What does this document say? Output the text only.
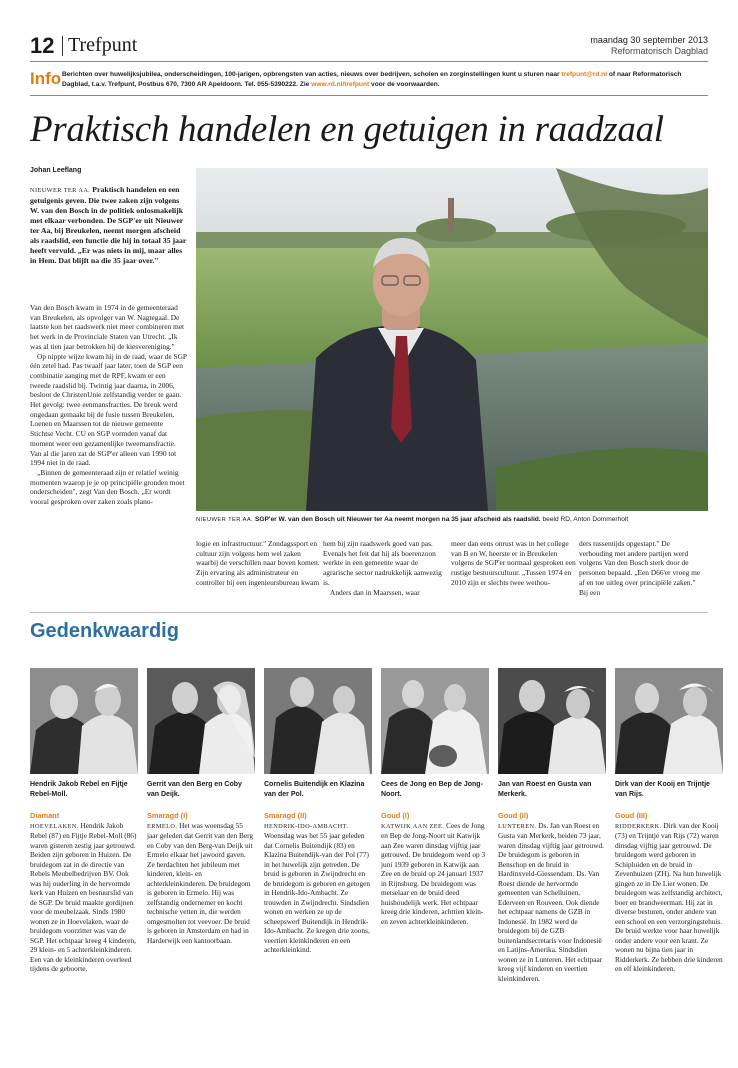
12 Trefpunt	maandag 30 september 2013
Reformatorisch Dagblad
Info Berichten over huwelijksjubilea, onderscheidingen, 100-jarigen, opbrengsten van acties, nieuws over bedrijven, scholen en zorginstellingen kunt u sturen naar trefpunt@rd.nl of naar Reformatorisch Dagblad, t.a.v. Trefpunt, Postbus 670, 7300 AR Apeldoorn. Tel. 055-5390222. Zie www.rd.nl/trefpunt voor de voorwaarden.
Praktisch handelen en getuigen in raadzaal
Johan Leeflang
NIEUWER TER AA. Praktisch handelen en een getuigenis geven. Die twee zaken zijn volgens W. van den Bosch in de politiek onlosmakelijk met elkaar verbonden. De SGP'er uit Nieuwer ter Aa, bij Breukelen, neemt morgen afscheid als raadslid, een functie die hij in totaal 35 jaar heeft vervuld. „Er was niets in mij, maar alles in Hem. Dat blijft na die 35 jaar over."

Van den Bosch kwam in 1974 in de gemeenteraad van Breukelen, als opvolger van W. Nagtegaal. De laatste kon het raadswerk niet meer combineren met het werk in de Provinciale Staten van Utrecht. „Ik was al tien jaar betrokken bij de kiesvereniging."

Op nippte wijze kwam hij in de raad, waar de SGP één zetel had. Pas twaalf jaar later, toen de SGP een combinatie aanging met de RPF, kwam er een tweede raadslid bij. Twintig jaar daarna, in 2006, besloot de ChristenUnie zelfstandig verder te gaan. Het gevolg: twee eenmansfracties. De breuk werd ongedaan gemaakt bij de fusie tussen Breukelen, Loenen en Maarssen tot de nieuwe gemeente Stichtse Vecht. CU en SGP vormden vanaf dat moment weer een gezamenlijke tweemansfractie. Van al die jaren zat de SGP'er alleen van 1990 tot 1994 niet in de raad.

„Binnen de gemeenteraad zijn er relatief weinig momenten waarop je je op principiële gronden moet onderscheiden", zegt Van den Bosch. „Er wordt vooral gesproken over zaken zoals plano-

NIEUWER TER AA. SGP'er W. van den Bosch uit Nieuwer ter Aa neemt morgen na 35 jaar afscheid als raadslid. beeld RD, Anton Dommerholt

logie en infrastructuur." Zondagssport en cultuur zijn volgens hem wel zaken waarbij de verschillen naar boven komen. Zijn ervaring als administrateur en controller bij een ingenieursbureau kwam

hem bij zijn raadswerk goed van pas. Evenals het feit dat hij als boerenzoon werkte in een gemeente waar de agrarische sector nadrukkelijk aanwezig is.

Anders dan in Maarssen, waar

meer dan eens onrust was in het college van B en W, heerste er in Breukelen volgens de SGP'er normaal gesproken een rustige bestuurscultuur. „Tussen 1974 en 2010 zijn er slechts twee wethou-

ders tussentijds opgestapt." De verhouding met andere partijen werd volgens Van den Bosch sterk door de personen bepaald. „Een D66'er vroeg me af en toe uitleg over principiële zaken." Bij een

Gedenkwaardig
Hendrik Jakob Rebel en Fijtje Rebel-Moll.
Diamant
HOEVELAKEN. Hendrik Jakob Rebel (87) en Fijtje Rebel-Moll (86) waren gisteren zestig jaar getrouwd. Beiden zijn geboren in Huizen. De bruidegom zat in de directie van Rebels Meubelbedrijven BV. Ook was hij ouderling in de hervormde kerk van Huizen en bestuurslid van de SGP. De bruid maakte gordijnen voor de meubelzaak. Sinds 1980 wonen ze in Hoevelaken, waar de bruidegom voorzitter was van de SGP. Het echtpaar kreeg 4 kinderen, 29 klein- en 5 achterkleinkinderen. Een van de kleinkinderen overleed tijdens de geboorte.
Gerrit van den Berg en Coby van Deijk.
Smaragd (I)
ERMELO. Het was woensdag 55 jaar geleden dat Gerrit van den Berg en Coby van den Berg-van Deijk uit Ermelo elkaar het jawoord gaven. Ze herdachten het jubileum met kinderen, klein- en achterkleinkinderen. De bruidegom is geboren in Ermelo. Hij was zelfstandig ondernemer en kocht technische vetten in, die werden omgesmolten tot veevoer. De bruid is geboren in Amsterdam en had in Harderwijk een kantoorbaan.
Cornelis Buitendijk en Klazina van der Pol.
Smaragd (II)
HENDRIK-IDO-AMBACHT. Woensdag was het 55 jaar geleden dat Cornelis Buitendijk (83) en Klazina Buitendijk-van der Pol (77) in het huwelijk zijn getreden. De bruid is geboren in Zwijndrecht en de bruidegom is geboren en getogen in Hendrik-Ido-Ambacht. Ze trouwden in Zwijndrecht. Sindsdien wonen en werken ze op de scheepswerf Buitendijk in Hendrik-Ido-Ambacht. Ze kregen drie zoons, veertien kleinkinderen en een achterkleinkind.
Cees de Jong en Bep de Jong-Noort.
Goud (I)
KATWIJK AAN ZEE. Cees de Jong en Bep de Jong-Noort uit Katwijk aan Zee waren dinsdag vijftig jaar getrouwd. De bruidegom werd op 3 juni 1939 geboren in Katwijk aan Zee en de bruid op 24 januari 1937 in Rijnsburg. De bruidegom was metselaar en de bruid deed huishoudelijk werk. Het echtpaar kreeg drie kinderen, achttien klein- en zeven achterkleinkinderen.
Jan van Roest en Gusta van Merkerk.
Goud (II)
LUNTEREN. Ds. Jan van Roest en Gusta van Merkerk, beiden 73 jaar, waren dinsdag vijftig jaar getrouwd. De bruidegom is geboren in Benschop en de bruid in Hardinxveld-Giessendam. Ds. Van Roest diende de hervormde gemeenten van Schelluinen, Ederveen en Rouveen. Ook diende het echtpaar namens de GZB in Indonesië. In 1982 werd de bruidegom bij de GZB buitenlandsecretaris voor Indonesië en Latijns-Amerika. Sindsdien wonen ze in Lunteren. Het echtpaar kreeg vijf kinderen en veertien kleinkinderen.
Dirk van der Kooij en Trijntje van Rijs.
Goud (III)
RIDDERKERK. Dirk van der Kooij (73) en Trijntje van Rijs (72) waren dinsdag vijftig jaar getrouwd. De bruidegom werd geboren in Schipluiden en de bruid in Zevenhuizen (ZH). Na hun huwelijk gingen ze in De Lier wonen. De bruidegom was zelfstandig architect, boer en brandweerman. Hij zat in diverse besturen, onder andere van een school en een verzorgingstehuis. De bruid werkte voor haar huwelijk onder andere voor een krant. Ze wonen nu bijna tien jaar in Ridderkerk. Ze hebben drie kinderen en elf kleinkinderen.
